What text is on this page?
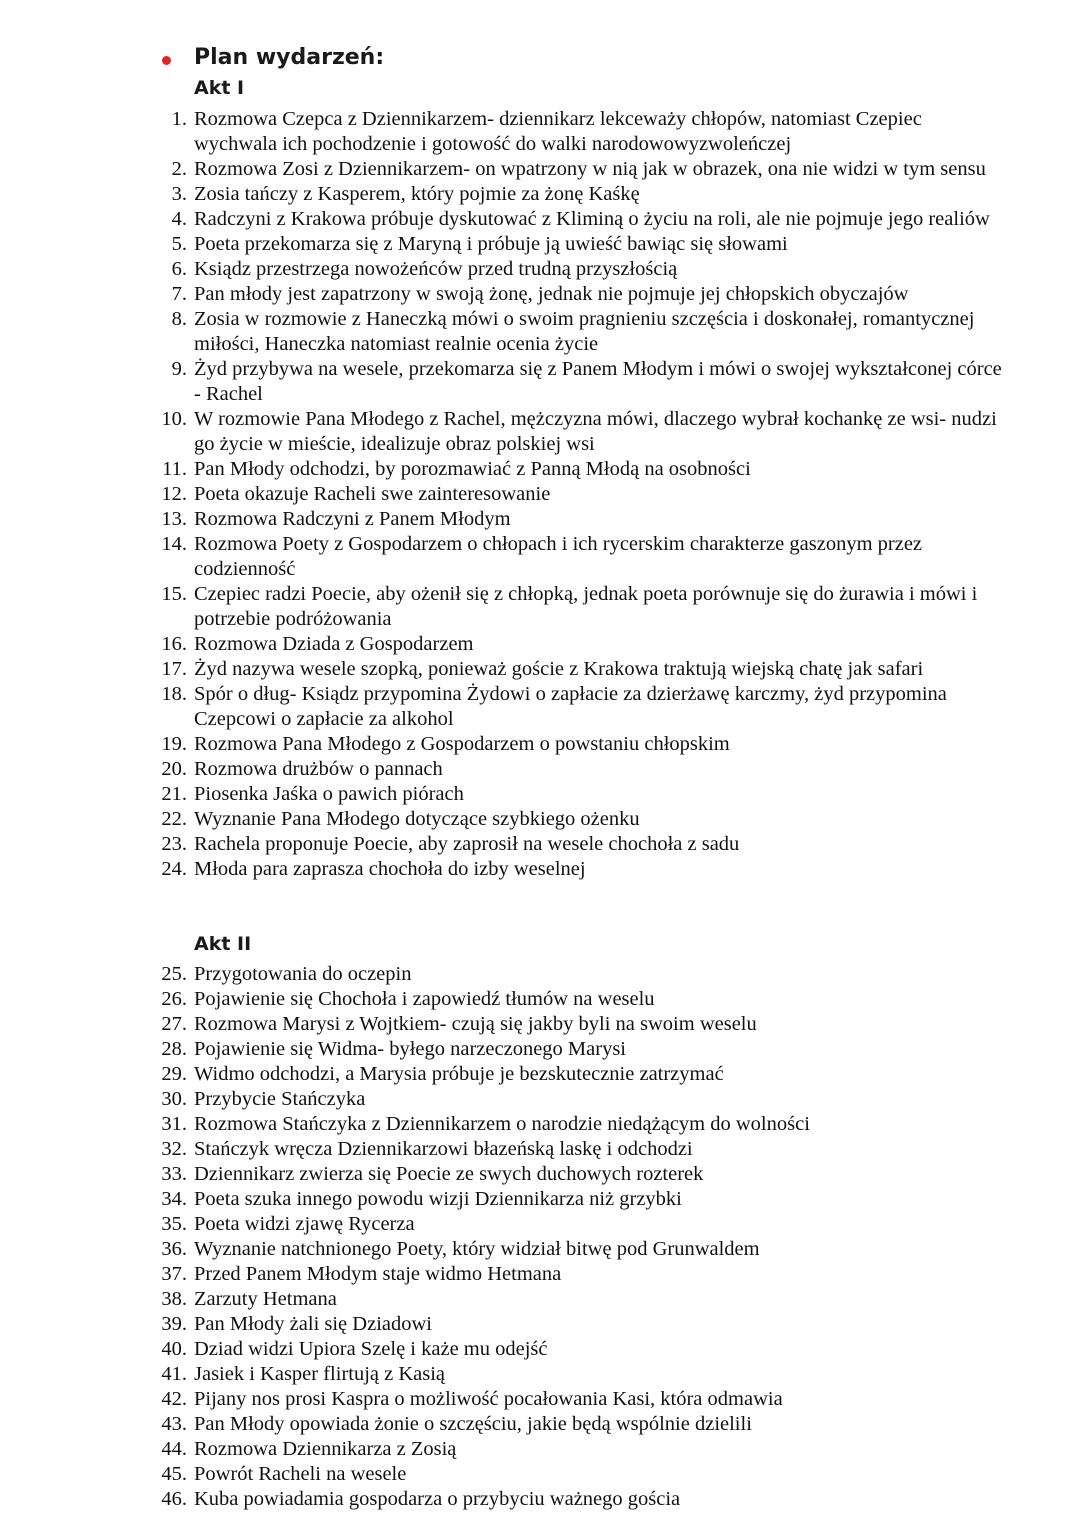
Plan wydarzeń:
Akt I
1. Rozmowa Czepca z Dziennikarzem- dziennikarz lekceważy chłopów, natomiast Czepiec wychwala ich pochodzenie i gotowość do walki narodowowyzwoleńczej
2. Rozmowa Zosi z Dziennikarzem- on wpatrzony w nią jak w obrazek, ona nie widzi w tym sensu
3. Zosia tańczy z Kasperem, który pojmie za żonę Kaśkę
4. Radczyni z Krakowa próbuje dyskutować z Kliminą o życiu na roli, ale nie pojmuje jego realiów
5. Poeta przekomarza się z Maryną i próbuje ją uwieść bawiąc się słowami
6. Ksiądz przestrzega nowożeńców przed trudną przyszłością
7. Pan młody jest zapatrzony w swoją żonę, jednak nie pojmuje jej chłopskich obyczajów
8. Zosia w rozmowie z Haneczką mówi o swoim pragnieniu szczęścia i doskonałej, romantycznej miłości, Haneczka natomiast realnie ocenia życie
9. Żyd przybywa na wesele, przekomarza się z Panem Młodym i mówi o swojej wykształconej córce - Rachel
10. W rozmowie Pana Młodego z Rachel, mężczyzna mówi, dlaczego wybrał kochankę ze wsi- nudzi go życie w mieście, idealizuje obraz polskiej wsi
11. Pan Młody odchodzi, by porozmawiać z Panną Młodą na osobności
12. Poeta okazuje Racheli swe zainteresowanie
13. Rozmowa Radczyni z Panem Młodym
14. Rozmowa Poety z Gospodarzem o chłopach i ich rycerskim charakterze gaszonym przez codzienność
15. Czepiec radzi Poecie, aby ożenił się z chłopką, jednak poeta porównuje się do żurawia i mówi i potrzebie podróżowania
16. Rozmowa Dziada z Gospodarzem
17. Żyd nazywa wesele szopką, ponieważ goście z Krakowa traktują wiejską chatę jak safari
18. Spór o dług- Ksiądz przypomina Żydowi o zapłacie za dzierżawę karczmy, żyd przypomina Czepcowi o zapłacie za alkohol
19. Rozmowa Pana Młodego z Gospodarzem o powstaniu chłopskim
20. Rozmowa drużbów o pannach
21. Piosenka Jaśka o pawich piórach
22. Wyznanie Pana Młodego dotyczące szybkiego ożenku
23. Rachela proponuje Poecie, aby zaprosił na wesele chochoła z sadu
24. Młoda para zaprasza chochoła do izby weselnej
Akt II
25. Przygotowania do oczepin
26. Pojawienie się Chochoła i zapowiedź tłumów na weselu
27. Rozmowa Marysi z Wojtkiem- czują się jakby byli na swoim weselu
28. Pojawienie się Widma- byłego narzeczonego Marysi
29. Widmo odchodzi, a Marysia próbuje je bezskutecznie zatrzymać
30. Przybycie Stańczyka
31. Rozmowa Stańczyka z Dziennikarzem o narodzie niedążącym do wolności
32. Stańczyk wręcza Dziennikarzowi błazeńską laskę i odchodzi
33. Dziennikarz zwierza się Poecie ze swych duchowych rozterek
34. Poeta szuka innego powodu wizji Dziennikarza niż grzybki
35. Poeta widzi zjawę Rycerza
36. Wyznanie natchnionego Poety, który widział bitwę pod Grunwaldem
37. Przed Panem Młodym staje widmo Hetmana
38. Zarzuty Hetmana
39. Pan Młody żali się Dziadowi
40. Dziad widzi Upiora Szelę i każe mu odejść
41. Jasiek i Kasper flirtują z Kasią
42. Pijany nos prosi Kaspra o możliwość pocałowania Kasi, która odmawia
43. Pan Młody opowiada żonie o szczęściu, jakie będą wspólnie dzielili
44. Rozmowa Dziennikarza z Zosią
45. Powrót Racheli na wesele
46. Kuba powiadamia gospodarza o przybyciu ważnego gościa
